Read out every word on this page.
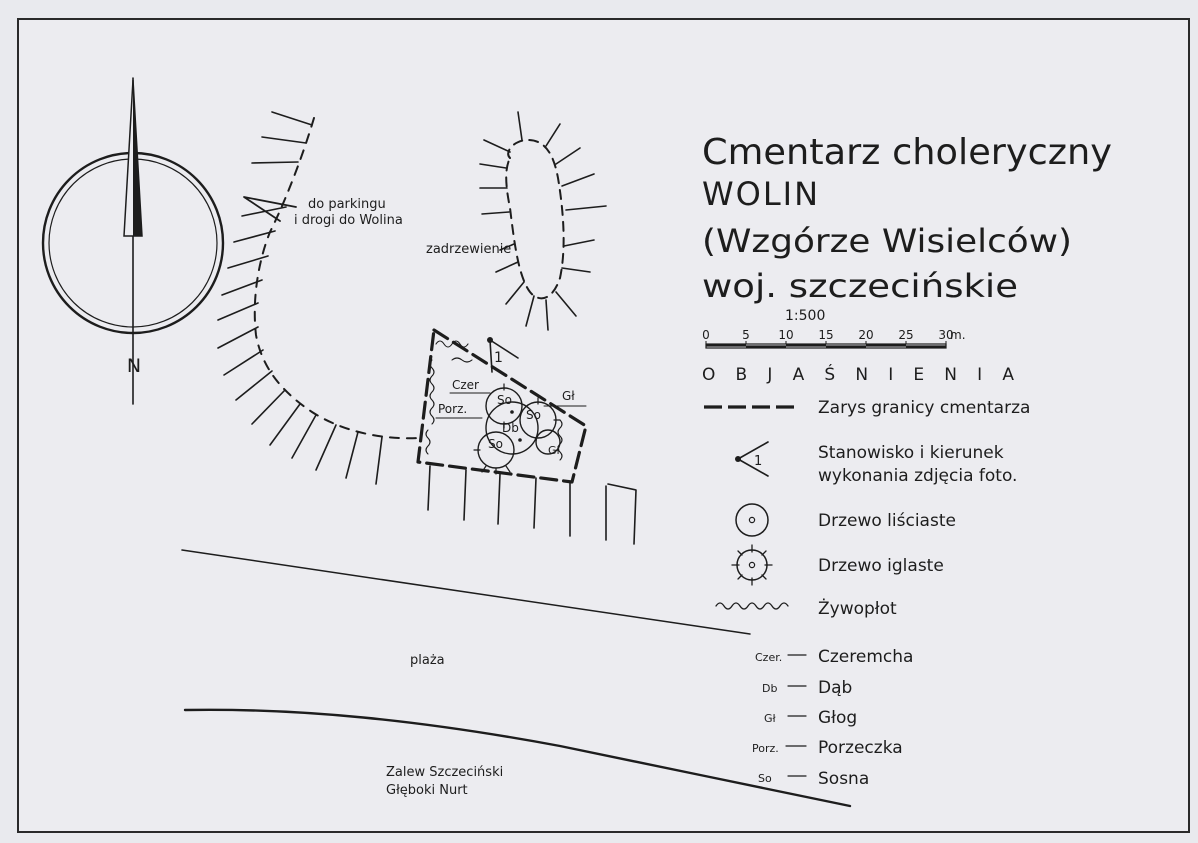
N
do parkingu
i drogi do Wolina
zadrzewienie
Czer
Porz.
Gł
Gł
So
So
So
Db
1
plaża
Zalew Szczeciński
Głęboki Nurt
Cmentarz choleryczny
WOLIN
(Wzgórze Wisielców)
woj. szczecińskie
1:500
0	5 10 15 20 25 30
m.
O B J A Ś N I E N I A
Zarys granicy cmentarza
1	Stanowisko i kierunek
wykonania zdjęcia foto.
Drzewo liściaste
Drzewo iglaste
Żywopłot
Czer. Czeremcha
Db Dąb
Gł Głog
Porz. Porzeczka
So	Sosna
